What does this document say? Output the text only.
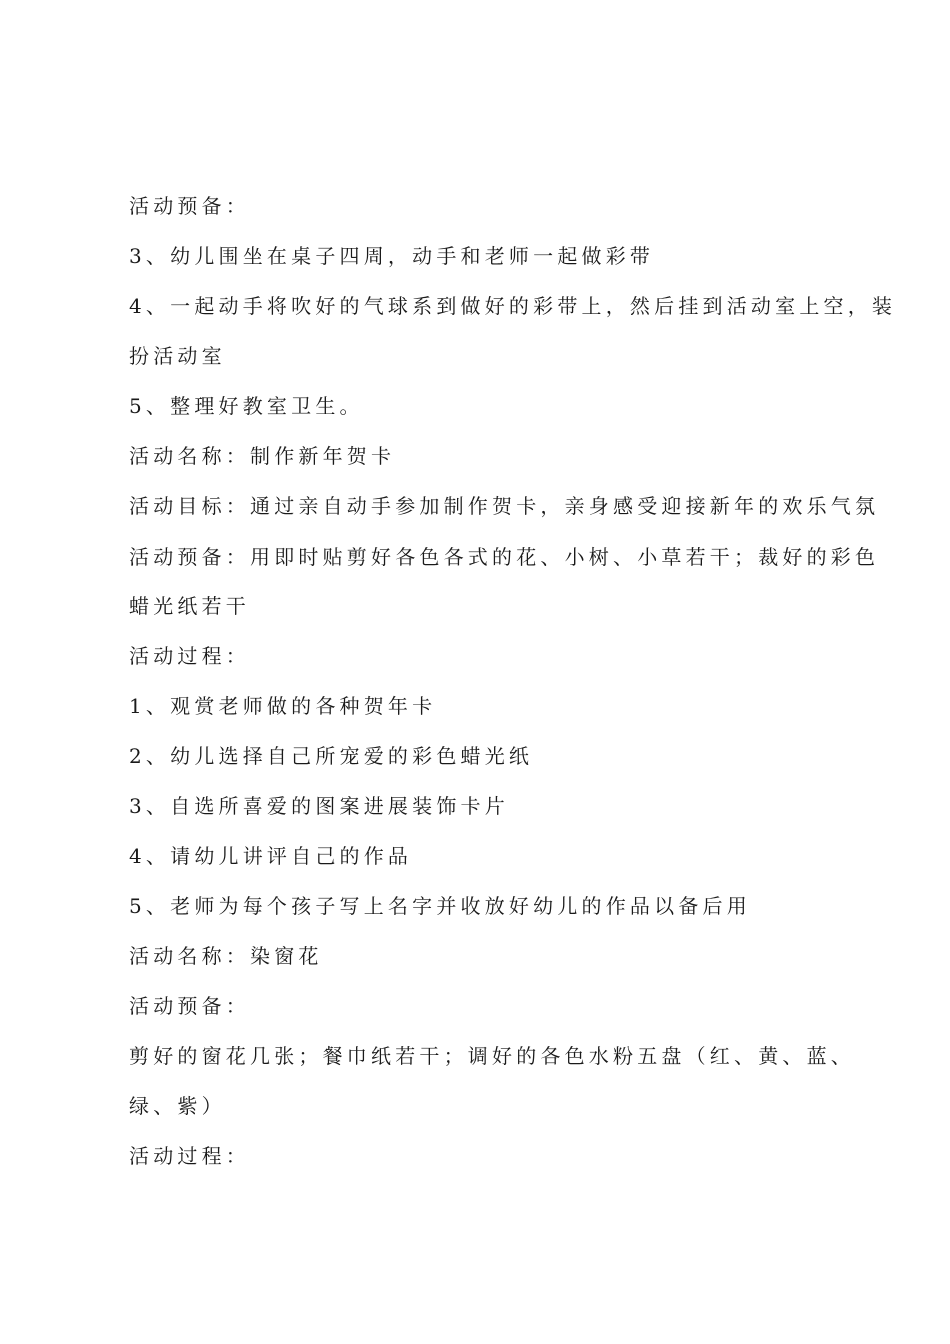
活动预备：

3、幼儿围坐在桌子四周，动手和老师一起做彩带

4、一起动手将吹好的气球系到做好的彩带上，然后挂到活动室上空，装

扮活动室

5、整理好教室卫生。

活动名称：制作新年贺卡

活动目标：通过亲自动手参加制作贺卡，亲身感受迎接新年的欢乐气氛

活动预备：用即时贴剪好各色各式的花、小树、小草若干；裁好的彩色

蜡光纸若干

活动过程：

1、观赏老师做的各种贺年卡

2、幼儿选择自己所宠爱的彩色蜡光纸

3、自选所喜爱的图案进展装饰卡片

4、请幼儿讲评自己的作品

5、老师为每个孩子写上名字并收放好幼儿的作品以备后用

活动名称：染窗花

活动预备：

剪好的窗花几张；餐巾纸若干；调好的各色水粉五盘（红、黄、蓝、

绿、紫）

活动过程：
